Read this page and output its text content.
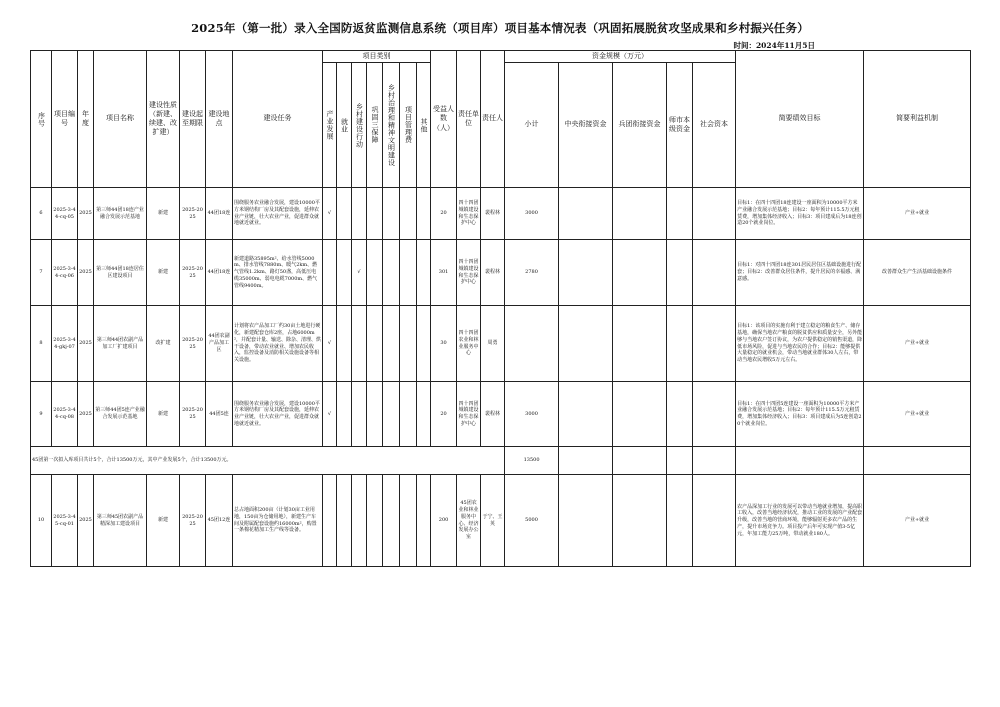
2025年（第一批）录入全国防返贫监测信息系统（项目库）项目基本情况表（巩固拓展脱贫攻坚成果和乡村振兴任务）
时间：2024年11月5日
序号	项目编号	年度	项目名称	建设性质（新建、续建、改扩建）	建设起至期限	建设地点	建设任务	项目类别							受益人数（人）	责任单位	责任人	资金规模（万元）					简要绩效目标	简要利益机制

								产业发展	就业	乡村建设行动	巩固三保障	乡村治理和精神文明建设	项目管理费	其他				小计	中央衔接资金	兵团衔接资金	师市本级资金	社会资本		
6	2025-3-44-cq-05	2025	第三师44团18连产业融合发展示范基地	新建	2025-2025	44团18连	围绕服务农业融合发展，建设10000平方米钢结构厂房及其配套设施，延伸农业产业链，壮大农业产业，促进群众就地就近就业。	√							20	四十四团城镇建设和生态保护中心	裴程林	3000					目标1：在四十四团18连建设一座面积为10000平方米产业融合发展示范基地；目标2：每年预计115.5万元租赁费，增加集体经济收入；目标3：项目建成后为18连创造20个就业岗位。	产业+就业
7	2025-3-44-cq-06	2025	第三师44团18连居住区建设项目	新建	2025-2025	44团18连	新建道路35895m²、给水管线5000m、排水管线7880m、暖气2km、燃气管线1.2km、路灯50盏，高低压电缆35000m、弱电电缆7000m、燃气管线9400m。			√					301	四十四团城镇建设和生态保护中心	裴程林	2780					目标1：对四十四团18连301居民居住区基础设施进行配套；目标2：改善群众居住条件，提升居民的幸福感、满意感。	改善群众生产生活基础设施条件
8	2025-3-44-gkj-07	2025	第三师44团农副产品加工厂扩建项目	改扩建	2025-2025	44团农副产品加工区	计划将农产品加工厂约30亩土地进行硬化，新建配套仓库2座，占地6000m²，并配套计量、输送、除杂、清理、烘干设备，带动农业就业、增加农民收入，监控设备及消防相关设施设备等相关设施。	√							30	四十四团农业和林业服务中心	周勇						目标1：该项目的实施有利于建立稳定的粮食生产、储存基地，确保当地农产粮食的脱贫供应和质量安全，另外能够与当地农户签订协议，为农户提供稳定的销售渠道，降低市场风险，促进与当地农民的合作；目标2：能够提供大量稳定的就业机会，带动当地就业群体30人左右，带动当地农民增收5万元左右。	产业+就业
9	2025-3-44-cq-08	2025	第三师44团5连产业融合发展示范基地	新建	2025-2025	44团5连	围绕服务农业融合发展，建设10000平方米钢结构厂房及其配套设施，延伸农业产业链，壮大农业产业，促进群众就地就近就业。	√							20	四十四团城镇建设和生态保护中心	裴程林	3000					目标1：在四十四团5连建设一座面积为10000平方米产业融合发展示范基地；目标2：每年预计115.5万元租赁费，增加集体经济收入；目标3：项目建成后为5连创造20个就业岗位。	产业+就业
45团第一次拟入库项目共计5个，合计13500万元，其中产业发展5个，合计13500万元。																		13500						
10	2025-3-45-cq-01	2025	第三师45团农副产品精深加工建设项目	新建	2025-2025	45团12连	总占地面积200亩（计划30亩工业用地，150亩为仓储用地），新建生产车间及附属配套设施约16000m²，购置一条棉花精加工生产线等设备。								200	45团农业和林业服务中心、经济发展办公室	于宁、王英	5000					农产品深加工行业的发展可以带动当地就业增加，提高职工收入，改善当地经济状况，推动工业的发展的产业配套升级，改善当地的营商环境，能够辐射更多农产品的生产，提升市场竞争力。项目投产后年可实现产值3-5亿元，年加工能力25万吨，带动就业180人。	产业+就业
